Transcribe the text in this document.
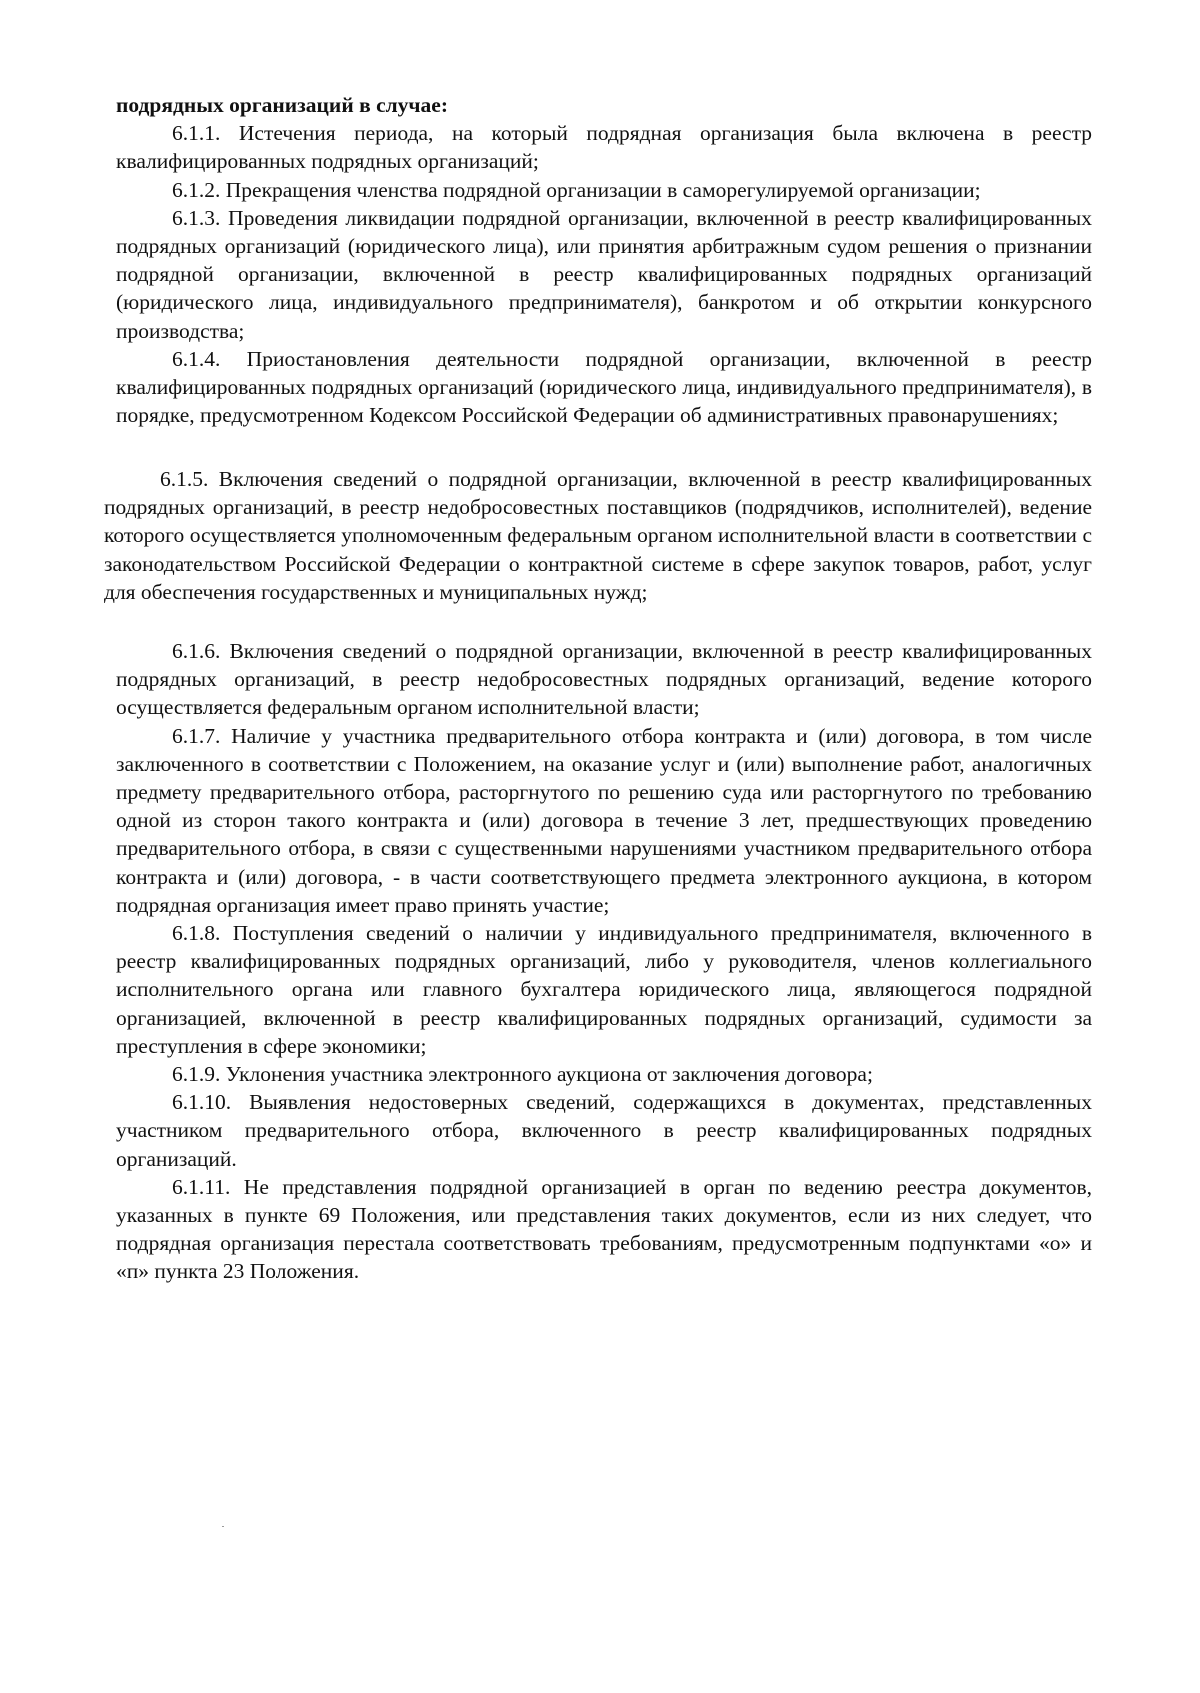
подрядных организаций в случае:

6.1.1. Истечения периода, на который подрядная организация была включена в реестр квалифицированных подрядных организаций;

6.1.2. Прекращения членства подрядной организации в саморегулируемой организации;

6.1.3. Проведения ликвидации подрядной организации, включенной в реестр квалифицированных подрядных организаций (юридического лица), или принятия арбитражным судом решения о признании подрядной организации, включенной в реестр квалифицированных подрядных организаций (юридического лица, индивидуального предпринимателя), банкротом и об открытии конкурсного производства;

6.1.4. Приостановления деятельности подрядной организации, включенной в реестр квалифицированных подрядных организаций (юридического лица, индивидуального предпринимателя), в порядке, предусмотренном Кодексом Российской Федерации об административных правонарушениях;

6.1.5. Включения сведений о подрядной организации, включенной в реестр квалифицированных подрядных организаций, в реестр недобросовестных поставщиков (подрядчиков, исполнителей), ведение которого осуществляется уполномоченным федеральным органом исполнительной власти в соответствии с законодательством Российской Федерации о контрактной системе в сфере закупок товаров, работ, услуг для обеспечения государственных и муниципальных нужд;

6.1.6. Включения сведений о подрядной организации, включенной в реестр квалифицированных подрядных организаций, в реестр недобросовестных подрядных организаций, ведение которого осуществляется федеральным органом исполнительной власти;

6.1.7. Наличие у участника предварительного отбора контракта и (или) договора, в том числе заключенного в соответствии с Положением, на оказание услуг и (или) выполнение работ, аналогичных предмету предварительного отбора, расторгнутого по решению суда или расторгнутого по требованию одной из сторон такого контракта и (или) договора в течение 3 лет, предшествующих проведению предварительного отбора, в связи с существенными нарушениями участником предварительного отбора контракта и (или) договора, - в части соответствующего предмета электронного аукциона, в котором подрядная организация имеет право принять участие;

6.1.8. Поступления сведений о наличии у индивидуального предпринимателя, включенного в реестр квалифицированных подрядных организаций, либо у руководителя, членов коллегиального исполнительного органа или главного бухгалтера юридического лица, являющегося подрядной организацией, включенной в реестр квалифицированных подрядных организаций, судимости за преступления в сфере экономики;

6.1.9. Уклонения участника электронного аукциона от заключения договора;

6.1.10. Выявления недостоверных сведений, содержащихся в документах, представленных участником предварительного отбора, включенного в реестр квалифицированных подрядных организаций.

6.1.11. Не представления подрядной организацией в орган по ведению реестра документов, указанных в пункте 69 Положения, или представления таких документов, если из них следует, что подрядная организация перестала соответствовать требованиям, предусмотренным подпунктами «о» и «п» пункта 23 Положения.
